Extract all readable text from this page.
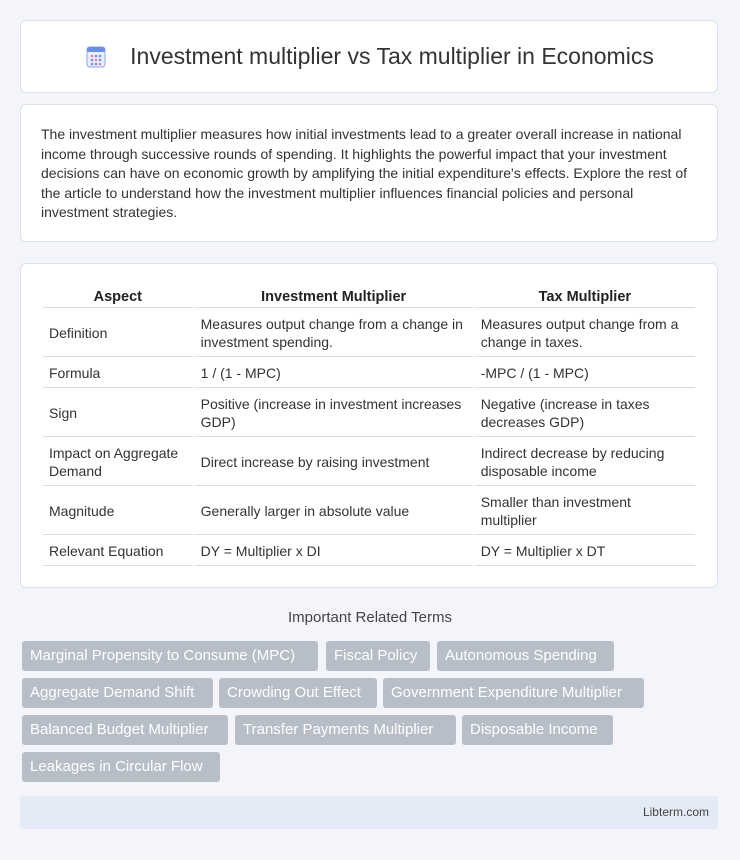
Investment multiplier vs Tax multiplier in Economics

The investment multiplier measures how initial investments lead to a greater overall increase in national income through successive rounds of spending. It highlights the powerful impact that your investment decisions can have on economic growth by amplifying the initial expenditure's effects. Explore the rest of the article to understand how the investment multiplier influences financial policies and personal investment strategies.

Aspect	Investment Multiplier	Tax Multiplier
Definition	Measures output change from a change in investment spending.	Measures output change from a change in taxes.
Formula	1 / (1 - MPC)	-MPC / (1 - MPC)
Sign	Positive (increase in investment increases GDP)	Negative (increase in taxes decreases GDP)
Impact on Aggregate Demand	Direct increase by raising investment	Indirect decrease by reducing disposable income
Magnitude	Generally larger in absolute value	Smaller than investment multiplier
Relevant Equation	DY = Multiplier x DI	DY = Multiplier x DT
Important Related Terms
Marginal Propensity to Consume (MPC)	Fiscal Policy	Autonomous Spending
Aggregate Demand Shift	Crowding Out Effect	Government Expenditure Multiplier
Balanced Budget Multiplier	Transfer Payments Multiplier	Disposable Income
Leakages in Circular Flow
Libterm.com
